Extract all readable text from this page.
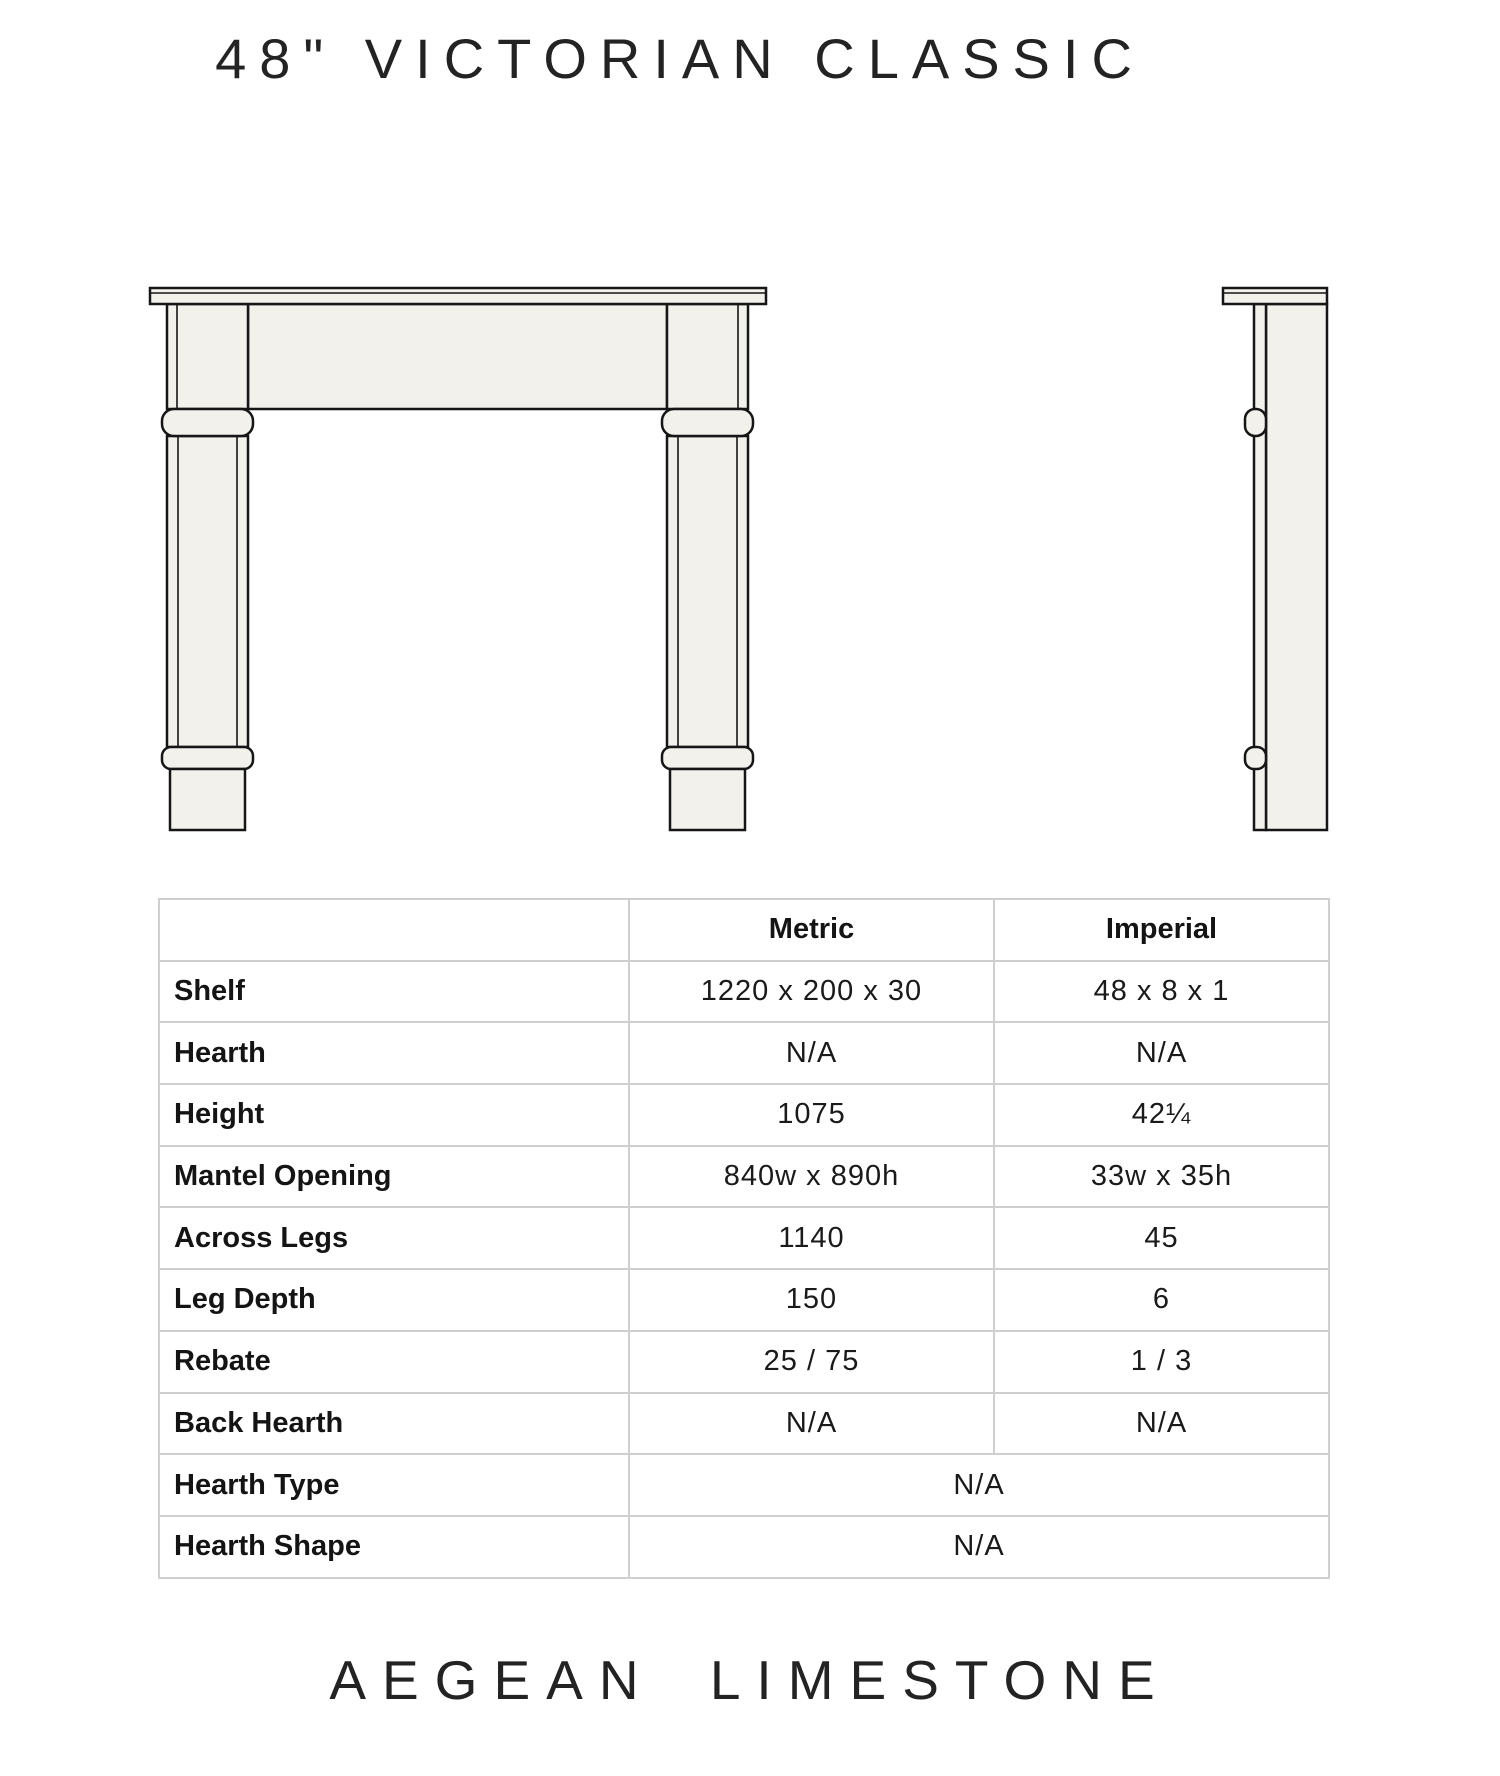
48" VICTORIAN CLASSIC
	Metric	Imperial
Shelf	1220 x 200 x 30	48 x 8 x 1
Hearth	N/A	N/A
Height	1075	42¼
Mantel Opening	840w x 890h	33w x 35h
Across Legs	1140	45
Leg Depth	150	6
Rebate	25 / 75	1 / 3
Back Hearth	N/A	N/A
Hearth Type	N/A	
Hearth Shape	N/A	
AEGEAN LIMESTONE
